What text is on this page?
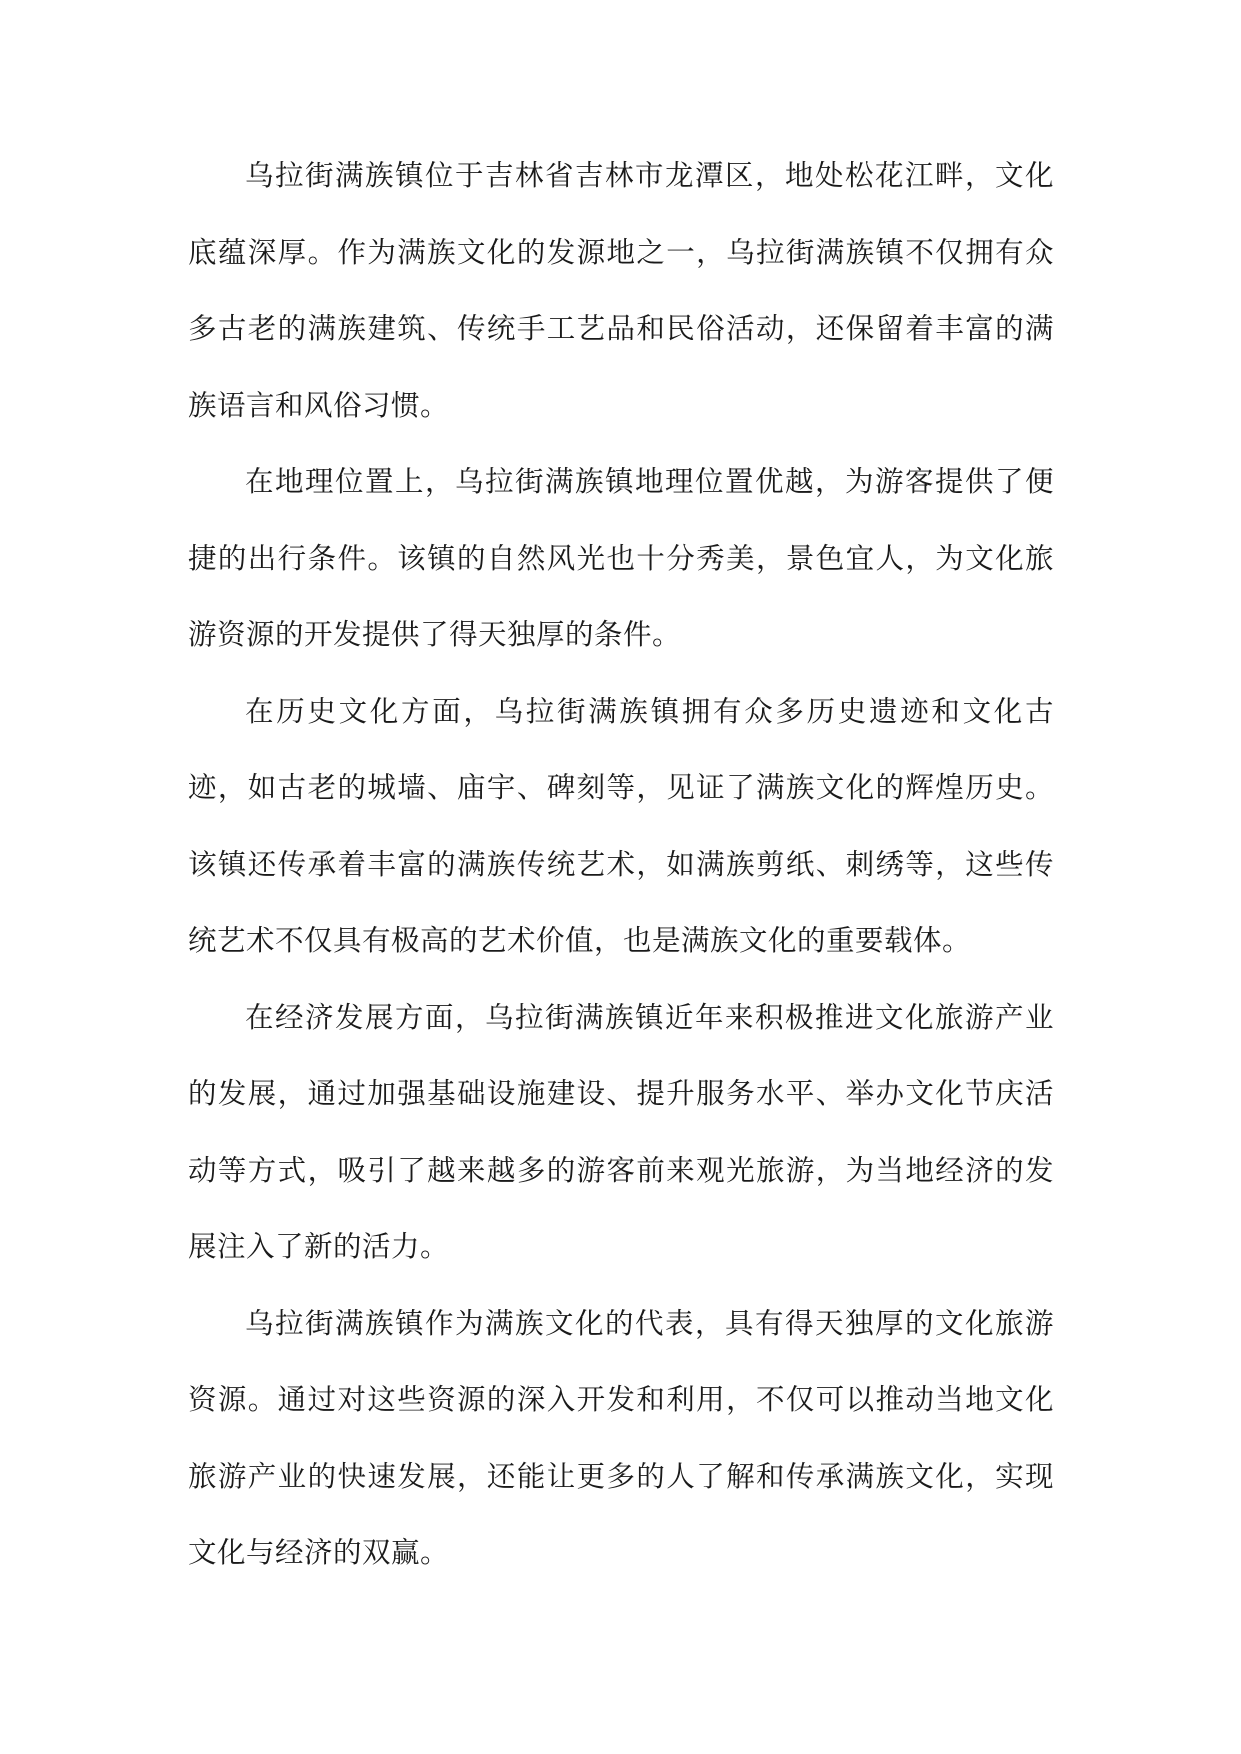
乌拉街满族镇位于吉林省吉林市龙潭区，地处松花江畔，文化底蕴深厚。作为满族文化的发源地之一，乌拉街满族镇不仅拥有众多古老的满族建筑、传统手工艺品和民俗活动，还保留着丰富的满族语言和风俗习惯。

在地理位置上，乌拉街满族镇地理位置优越，为游客提供了便捷的出行条件。该镇的自然风光也十分秀美，景色宜人，为文化旅游资源的开发提供了得天独厚的条件。

在历史文化方面，乌拉街满族镇拥有众多历史遗迹和文化古迹，如古老的城墙、庙宇、碑刻等，见证了满族文化的辉煌历史。该镇还传承着丰富的满族传统艺术，如满族剪纸、刺绣等，这些传统艺术不仅具有极高的艺术价值，也是满族文化的重要载体。

在经济发展方面，乌拉街满族镇近年来积极推进文化旅游产业的发展，通过加强基础设施建设、提升服务水平、举办文化节庆活动等方式，吸引了越来越多的游客前来观光旅游，为当地经济的发展注入了新的活力。

乌拉街满族镇作为满族文化的代表，具有得天独厚的文化旅游资源。通过对这些资源的深入开发和利用，不仅可以推动当地文化旅游产业的快速发展，还能让更多的人了解和传承满族文化，实现文化与经济的双赢。
